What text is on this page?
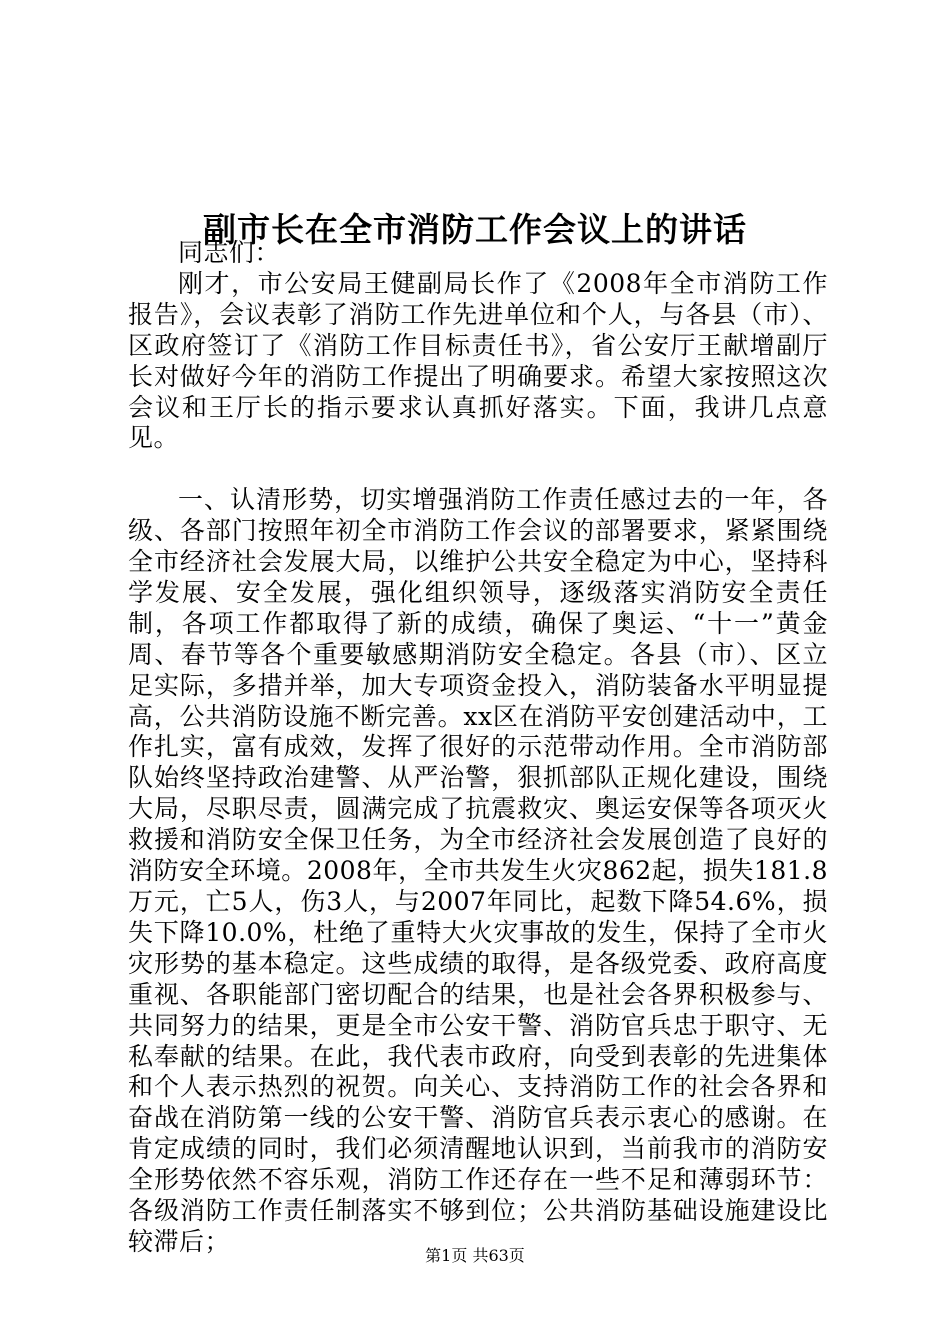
副市长在全市消防工作会议上的讲话

同志们：

刚才，市公安局王健副局长作了《2008年全市消防工作报告》，会议表彰了消防工作先进单位和个人，与各县（市）、区政府签订了《消防工作目标责任书》，省公安厅王献增副厅长对做好今年的消防工作提出了明确要求。希望大家按照这次会议和王厅长的指示要求认真抓好落实。下面，我讲几点意见。

一、认清形势，切实增强消防工作责任感过去的一年，各级、各部门按照年初全市消防工作会议的部署要求，紧紧围绕全市经济社会发展大局，以维护公共安全稳定为中心，坚持科学发展、安全发展，强化组织领导，逐级落实消防安全责任制，各项工作都取得了新的成绩，确保了奥运、“十一”黄金周、春节等各个重要敏感期消防安全稳定。各县（市）、区立足实际，多措并举，加大专项资金投入，消防装备水平明显提高，公共消防设施不断完善。xx区在消防平安创建活动中，工作扎实，富有成效，发挥了很好的示范带动作用。全市消防部队始终坚持政治建警、从严治警，狠抓部队正规化建设，围绕大局，尽职尽责，圆满完成了抗震救灾、奥运安保等各项灭火救援和消防安全保卫任务，为全市经济社会发展创造了良好的消防安全环境。2008年，全市共发生火灾862起，损失181.8万元，亡5人，伤3人，与2007年同比，起数下降54.6%，损失下降10.0%，杜绝了重特大火灾事故的发生，保持了全市火灾形势的基本稳定。这些成绩的取得，是各级党委、政府高度重视、各职能部门密切配合的结果，也是社会各界积极参与、共同努力的结果，更是全市公安干警、消防官兵忠于职守、无私奉献的结果。在此，我代表市政府，向受到表彰的先进集体和个人表示热烈的祝贺。向关心、支持消防工作的社会各界和奋战在消防第一线的公安干警、消防官兵表示衷心的感谢。在肯定成绩的同时，我们必须清醒地认识到，当前我市的消防安全形势依然不容乐观，消防工作还存在一些不足和薄弱环节：各级消防工作责任制落实不够到位；公共消防基础设施建设比较滞后；	第1页 共63页
